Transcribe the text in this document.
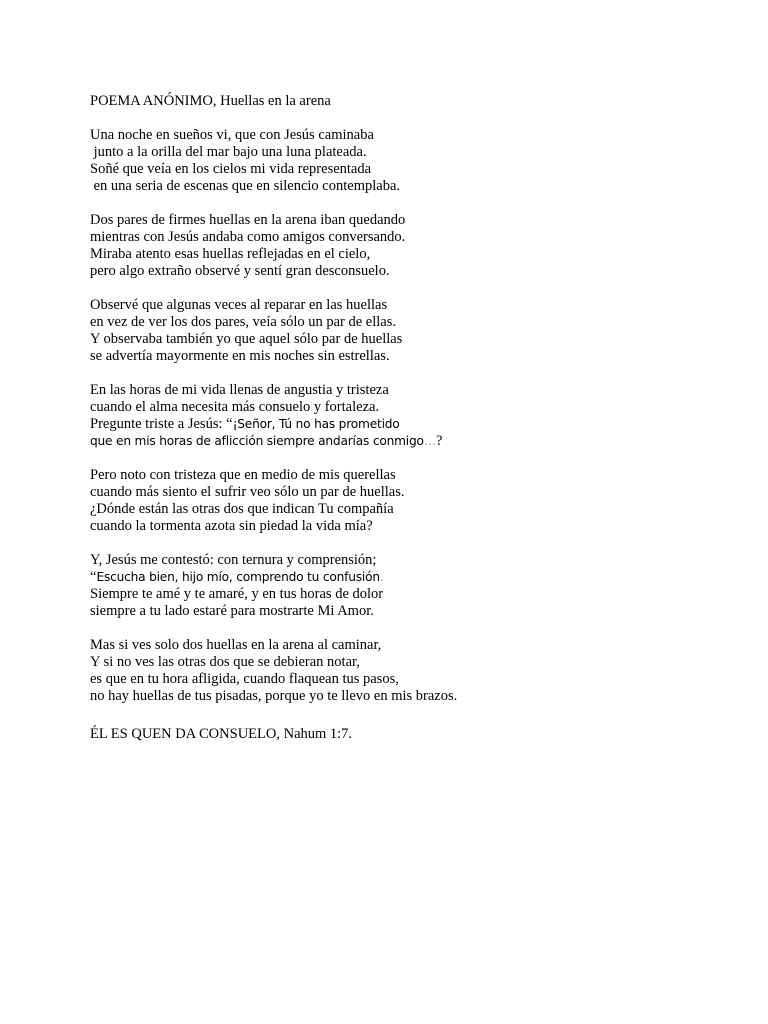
POEMA ANÓNIMO, Huellas en la arena
Una noche en sueños vi, que con Jesús caminaba
junto a la orilla del mar bajo una luna plateada.
Soñé que veía en los cielos mi vida representada
en una seria de escenas que en silencio contemplaba.
Dos pares de firmes huellas en la arena iban quedando
mientras con Jesús andaba como amigos conversando.
Miraba atento esas huellas reflejadas en el cielo,
pero algo extraño observé y sentí gran desconsuelo.
Observé que algunas veces al reparar en las huellas
en vez de ver los dos pares, veía sólo un par de ellas.
Y observaba también yo que aquel sólo par de huellas
se advertía mayormente en mis noches sin estrellas.
En las horas de mi vida llenas de angustia y tristeza
cuando el alma necesita más consuelo y fortaleza.
Pregunte triste a Jesús: “¡Señor, Tú no has prometido
que en mis horas de aflicción siempre andarías conmigo…?
Pero noto con tristeza que en medio de mis querellas
cuando más siento el sufrir veo sólo un par de huellas.
¿Dónde están las otras dos que indican Tu compañía
cuando la tormenta azota sin piedad la vida mía?
Y, Jesús me contestó: con ternura y comprensión;
“Escucha bien, hijo mío, comprendo tu confusión.
Siempre te amé y te amaré, y en tus horas de dolor
siempre a tu lado estaré para mostrarte Mi Amor.
Mas si ves solo dos huellas en la arena al caminar,
Y si no ves las otras dos que se debieran notar,
es que en tu hora afligida, cuando flaquean tus pasos,
no hay huellas de tus pisadas, porque yo te llevo en mis brazos.
ÉL ES QUEN DA CONSUELO, Nahum 1:7.
